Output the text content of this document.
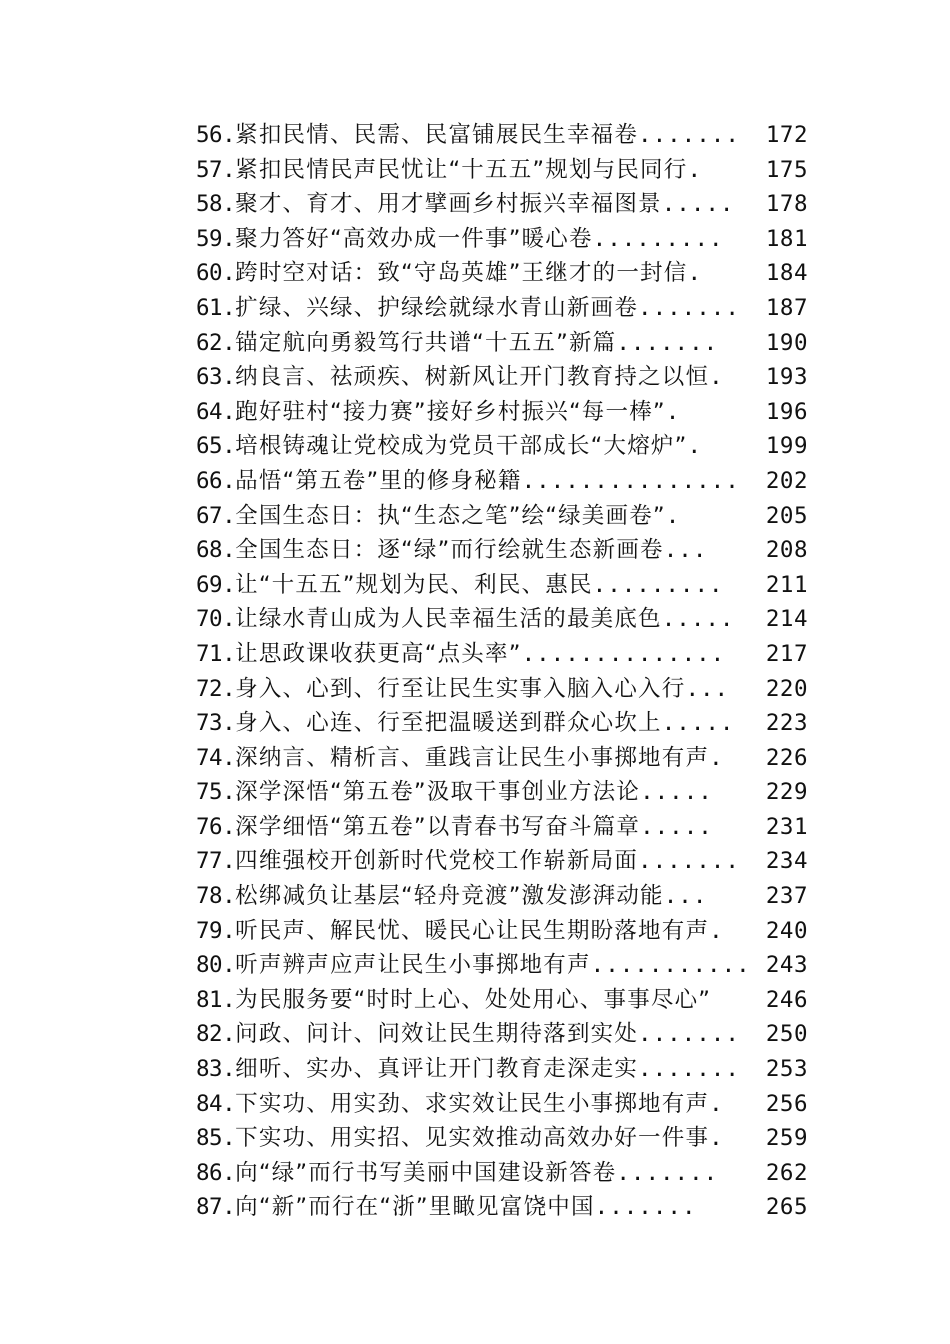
56.紧扣民情、民需、民富铺展民生幸福卷....... 172
57.紧扣民情民声民忧让“十五五”规划与民同行.	175
58.聚才、育才、用才擘画乡村振兴幸福图景..... 178
59.聚力答好“高效办成一件事”暖心卷......... 181
60.跨时空对话：致“守岛英雄”王继才的一封信.	184
61.扩绿、兴绿、护绿绘就绿水青山新画卷....... 187
62.锚定航向勇毅笃行共谱“十五五”新篇....... 190
63.纳良言、祛顽疾、树新风让开门教育持之以恒. 193
64.跑好驻村“接力赛”接好乡村振兴“每一棒”.	196
65.培根铸魂让党校成为党员干部成长“大熔炉”.	199
66.品悟“第五卷”里的修身秘籍............... 202
67.全国生态日：执“生态之笔”绘“绿美画卷”.	205
68.全国生态日：逐“绿”而行绘就生态新画卷...	208
69.让“十五五”规划为民、利民、惠民......... 211
70.让绿水青山成为人民幸福生活的最美底色..... 214
71.让思政课收获更高“点头率”.............. 217
72.身入、心到、行至让民生实事入脑入心入行... 220
73.身入、心连、行至把温暖送到群众心坎上..... 223
74.深纳言、精析言、重践言让民生小事掷地有声. 226
75.深学深悟“第五卷”汲取干事创业方法论..... 229
76.深学细悟“第五卷”以青春书写奋斗篇章..... 231
77.四维强校开创新时代党校工作崭新局面....... 234
78.松绑减负让基层“轻舟竞渡”激发澎湃动能...	237
79.听民声、解民忧、暖民心让民生期盼落地有声. 240
80.听声辨声应声让民生小事掷地有声........... 243
81.为民服务要“时时上心、处处用心、事事尽心” 246
82.问政、问计、问效让民生期待落到实处....... 250
83.细听、实办、真评让开门教育走深走实....... 253
84.下实功、用实劲、求实效让民生小事掷地有声. 256
85.下实功、用实招、见实效推动高效办好一件事. 259
86.向“绿”而行书写美丽中国建设新答卷....... 262
87.向“新”而行在“浙”里瞰见富饶中国.......	265
